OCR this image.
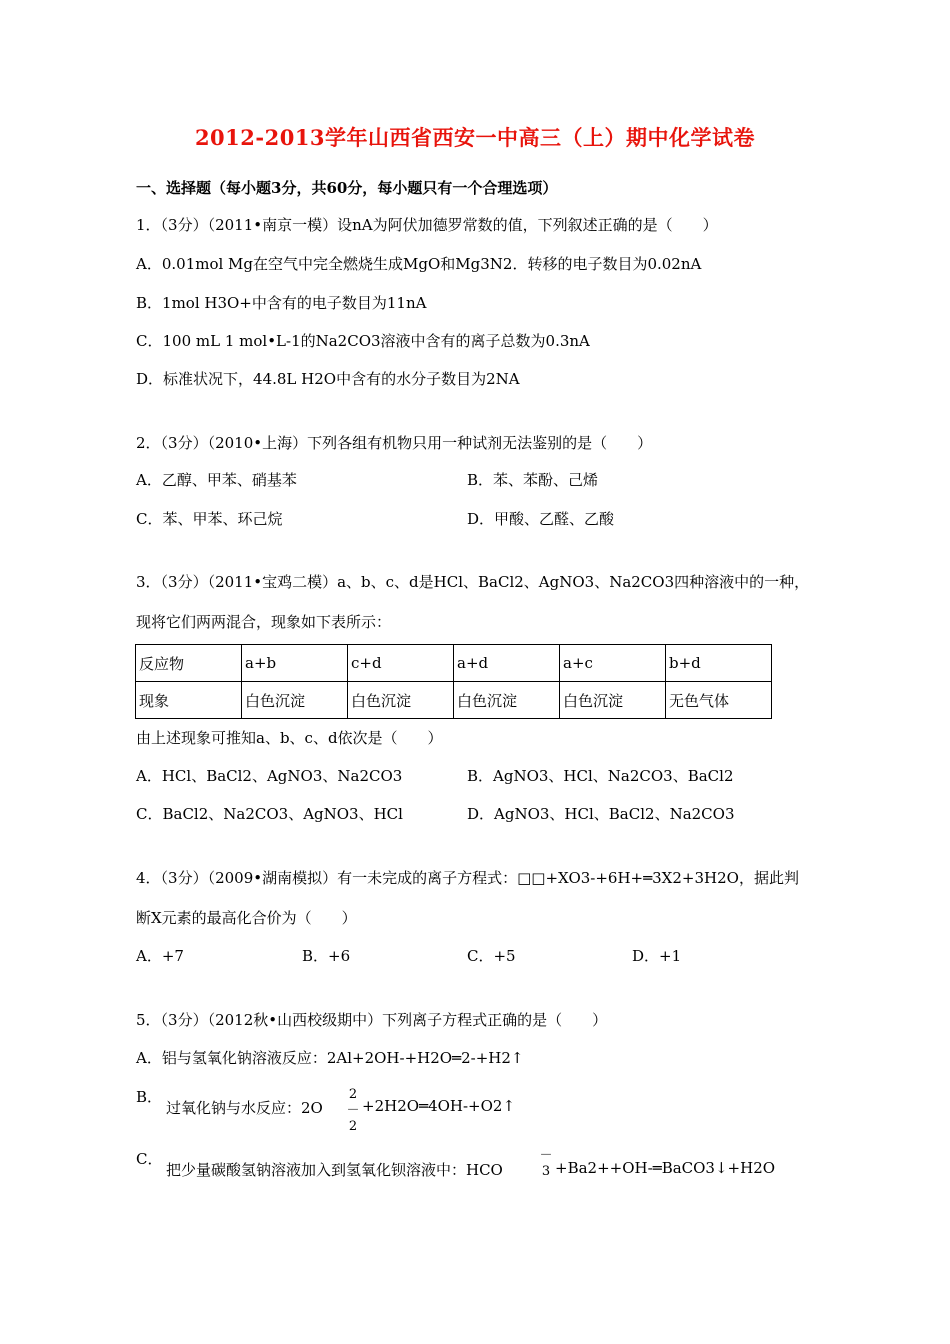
2012-2013学年山西省西安一中高三（上）期中化学试卷
一、选择题（每小题3分，共60分，每小题只有一个合理选项）
1．（3分）（2011•南京一模）设nA为阿伏加德罗常数的值，下列叙述正确的是（　　）
A．0.01mol Mg在空气中完全燃烧生成MgO和Mg3N2．转移的电子数目为0.02nA
B．1mol H3O+中含有的电子数目为11nA
C．100 mL 1 mol•L-1的Na2CO3溶液中含有的离子总数为0.3nA
D．标准状况下，44.8L H2O中含有的水分子数目为2NA
2．（3分）（2010•上海）下列各组有机物只用一种试剂无法鉴别的是（　　）
A．乙醇、甲苯、硝基苯	B．苯、苯酚、己烯
C．苯、甲苯、环己烷	D．甲酸、乙醛、乙酸
3．（3分）（2011•宝鸡二模）a、b、c、d是HCl、BaCl2、AgNO3、Na2CO3四种溶液中的一种，
现将它们两两混合，现象如下表所示：
反应物	a+b	c+d	a+d	a+c	b+d
现象	白色沉淀	白色沉淀	白色沉淀	白色沉淀	无色气体
由上述现象可推知a、b、c、d依次是（　　）
A．HCl、BaCl2、AgNO3、Na2CO3	B．AgNO3、HCl、Na2CO3、BaCl2
C．BaCl2、Na2CO3、AgNO3、HCl	D．AgNO3、HCl、BaCl2、Na2CO3
4．（3分）（2009•湖南模拟）有一未完成的离子方程式：□□+XO3-+6H+═3X2+3H2O，据此判
断X元素的最高化合价为（　　）
A．+7	B．+6	C．+5	D．+1
5．（3分）（2012秋•山西校级期中）下列离子方程式正确的是（　　）
A．铝与氢氧化钠溶液反应：2Al+2OH-+H2O═2-+H2↑
B．
过氧化钠与水反应：2O
2－
2
+2H2O═4OH-+O2↑
C．
把少量碳酸氢钠溶液加入到氢氧化钡溶液中：HCO
－
3 +Ba2++OH-═BaCO3↓+H2O
